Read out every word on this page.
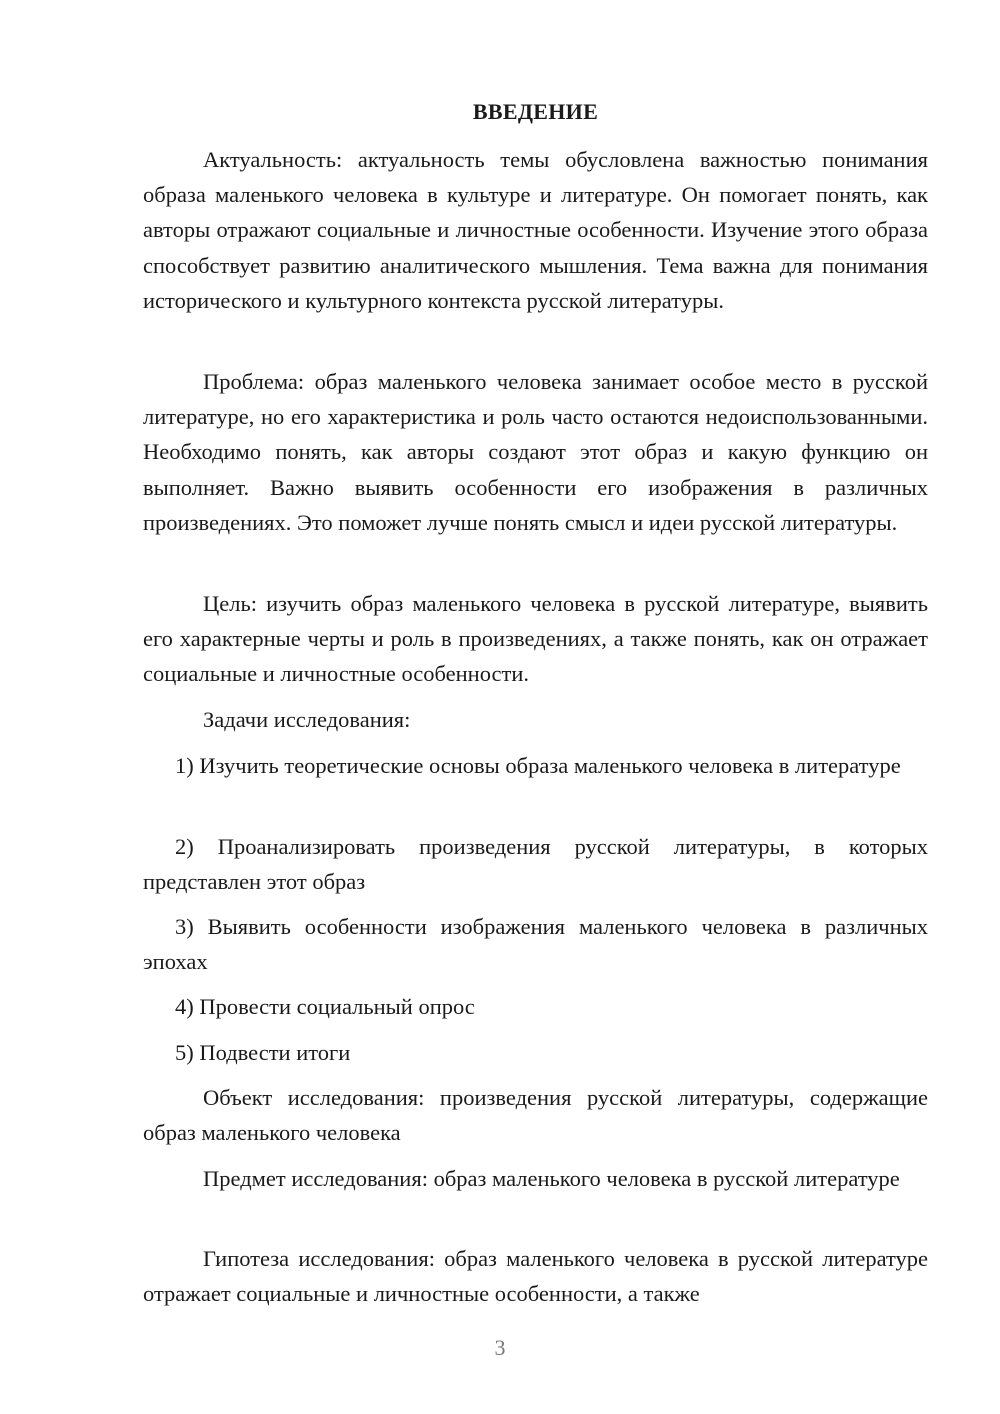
ВВЕДЕНИЕ

Актуальность: актуальность темы обусловлена важностью понимания образа маленького человека в культуре и литературе. Он помогает понять, как авторы отражают социальные и личностные особенности. Изучение этого образа способствует развитию аналитического мышления. Тема важна для понимания исторического и культурного контекста русской литературы.

Проблема: образ маленького человека занимает особое место в русской литературе, но его характеристика и роль часто остаются недоиспользованными. Необходимо понять, как авторы создают этот образ и какую функцию он выполняет. Важно выявить особенности его изображения в различных произведениях. Это поможет лучше понять смысл и идеи русской литературы.

Цель: изучить образ маленького человека в русской литературе, выявить его характерные черты и роль в произведениях, а также понять, как он отражает социальные и личностные особенности.

Задачи исследования:

1) Изучить теоретические основы образа маленького человека в литературе

2) Проанализировать произведения русской литературы, в которых представлен этот образ

3) Выявить особенности изображения маленького человека в различных эпохах

4) Провести социальный опрос

5) Подвести итоги

Объект исследования: произведения русской литературы, содержащие образ маленького человека

Предмет исследования: образ маленького человека в русской литературе

Гипотеза исследования: образ маленького человека в русской литературе отражает социальные и личностные особенности, а также

3
